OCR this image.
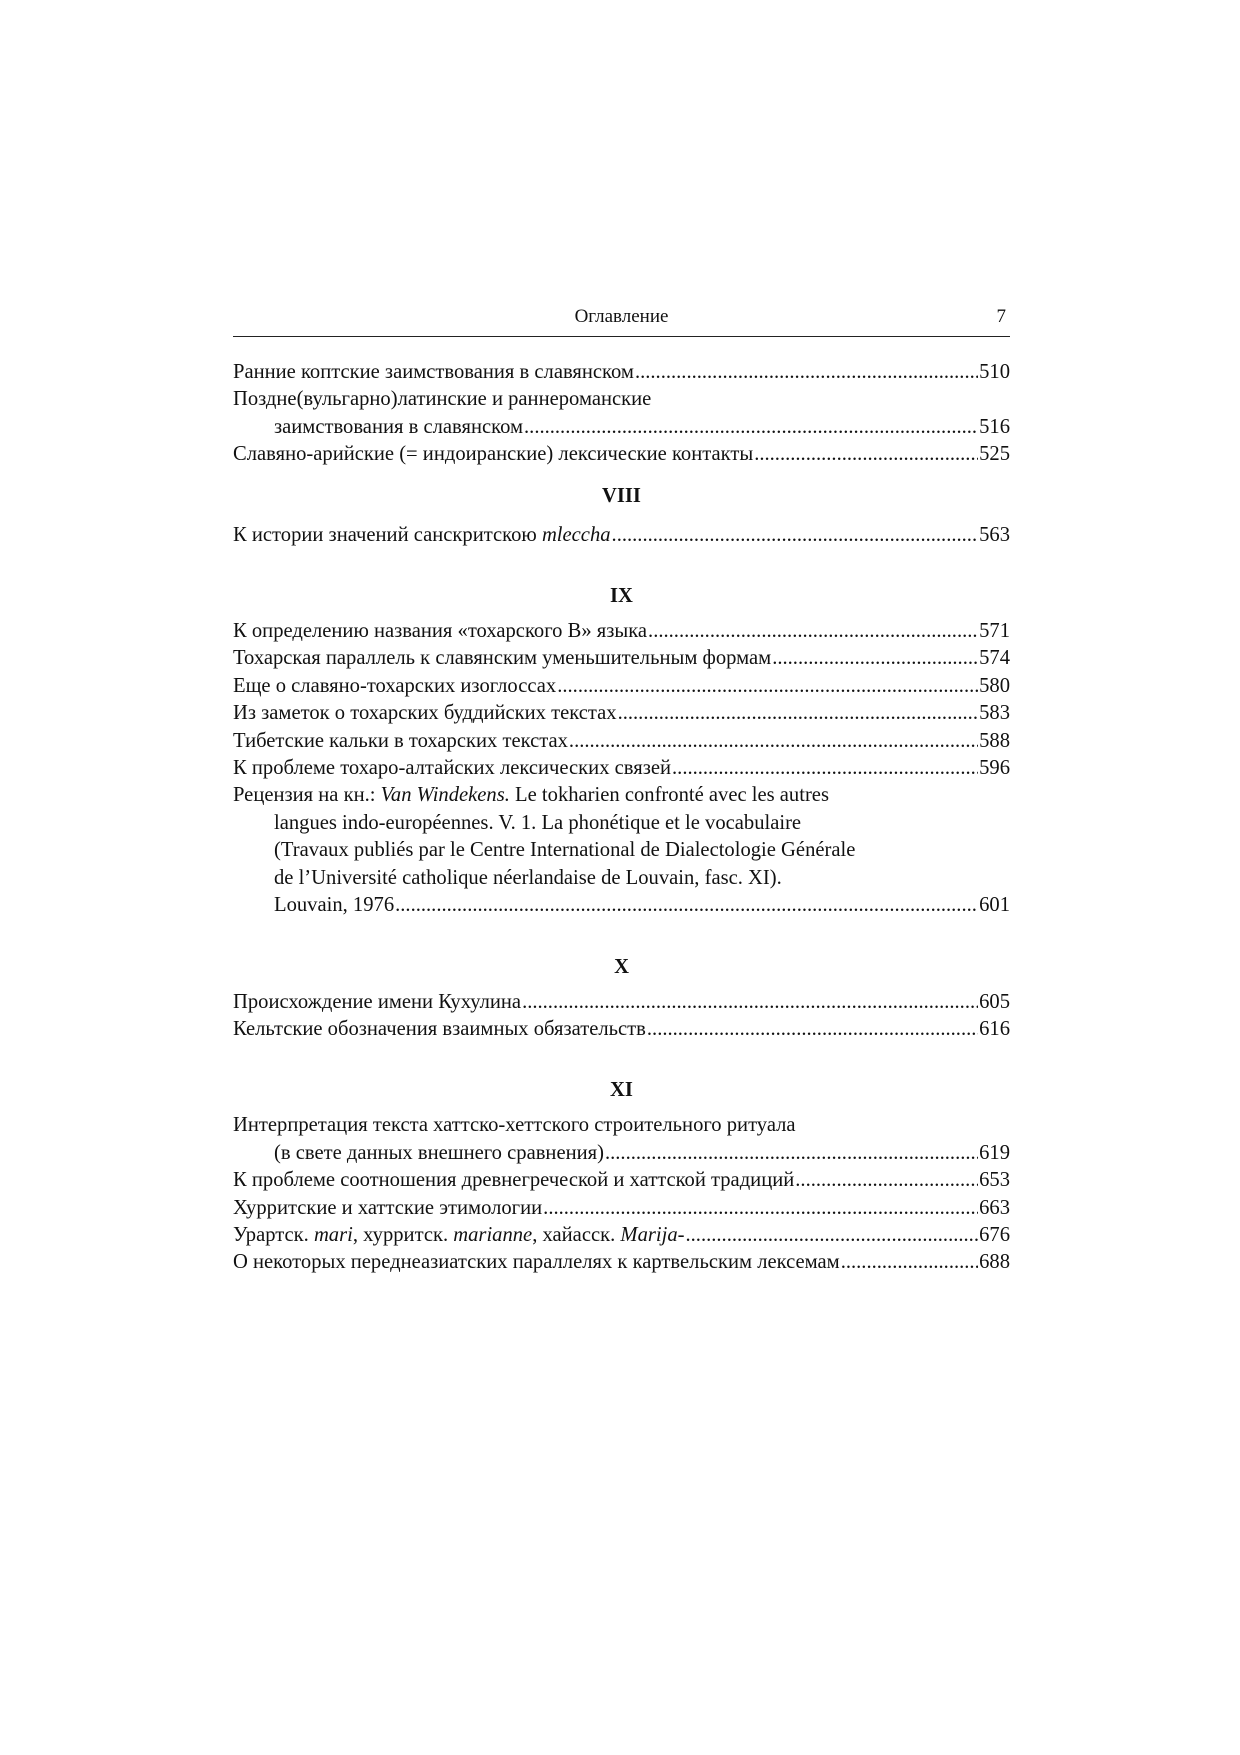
Оглавление	7
Ранние коптские заимствования в славянском .....	510
Поздне(вульгарно)латинские и раннероманские
заимствования в славянском .....	516
Славяно-арийские (= индоиранские) лексические контакты .....	525
VIII
К истории значений санскритскою mleccha .....	563
IX
К определению названия «тохарского B» языка .....	571
Тохарская параллель к славянским уменьшительным формам .....	574
Еще о славяно-тохарских изоглоссах .....	580
Из заметок о тохарских буддийских текстах .....	583
Тибетские кальки в тохарских текстах .....	588
К проблеме тохаро-алтайских лексических связей .....	596
Рецензия на кн.: Van Windekens. Le tokharien confronté avec les autres
langues indo-européennes. V. 1. La phonétique et le vocabulaire
(Travaux publiés par le Centre International de Dialectologie Générale
de l’Université catholique néerlandaise de Louvain, fasc. XI).
Louvain, 1976 .....	601
X
Происхождение имени Кухулина .....	605
Кельтские обозначения взаимных обязательств .....	616
XI
Интерпретация текста хаттско-хеттского строительного ритуала
(в свете данных внешнего сравнения) .....	619
К проблеме соотношения древнегреческой и хаттской традиций .....	653
Хурритские и хаттские этимологии .....	663
Урартск. mari, хурритск. marianne, хайасск. Marija- .....	676
О некоторых переднеазиатских параллелях к картвельским лексемам .....	688
